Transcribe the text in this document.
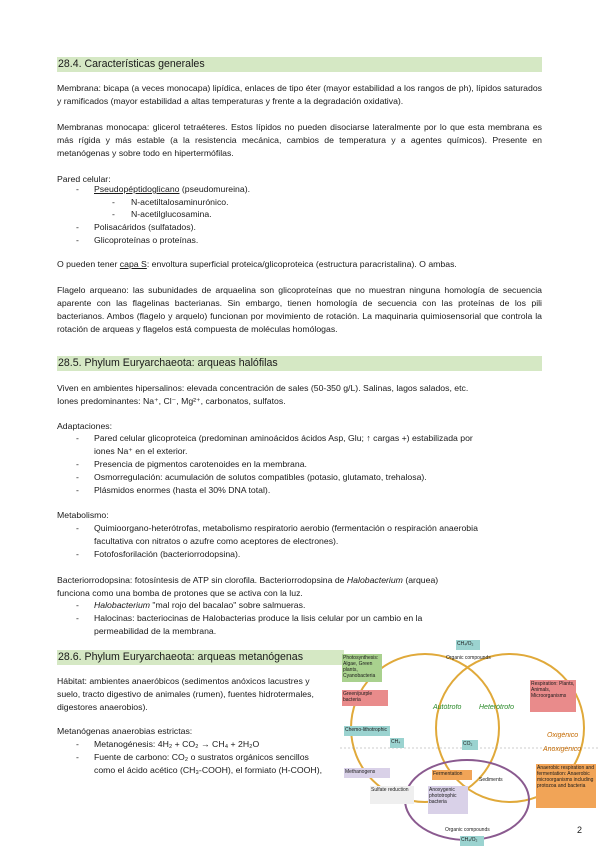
28.4. Características generales
Membrana: bicapa (a veces monocapa) lipídica, enlaces de tipo éter (mayor estabilidad a los rangos de ph), lípidos saturados y ramificados (mayor estabilidad a altas temperaturas y frente a la degradación oxidativa).
Membranas monocapa: glicerol tetraéteres. Estos lípidos no pueden disociarse lateralmente por lo que esta membrana es más rígida y más estable (a la resistencia mecánica, cambios de temperatura y a agentes químicos). Presente en metanógenas y sobre todo en hipertermófilas.
Pared celular:
- Pseudopéptidoglicano (pseudomureina).
- N-acetiltalosaminurónico.
- N-acetilglucosamina.
- Polisacáridos (sulfatados).
- Glicoproteínas o proteínas.
O pueden tener capa S: envoltura superficial proteica/glicoproteica (estructura paracristalina). O ambas.
Flagelo arqueano: las subunidades de arquaelina son glicoproteínas que no muestran ninguna homología de secuencia aparente con las flagelinas bacterianas. Sin embargo, tienen homología de secuencia con las proteínas de los pili bacterianos. Ambos (flagelo y arquelo) funcionan por movimiento de rotación. La maquinaria quimiosensorial que controla la rotación de arqueas y flagelos está compuesta de moléculas homólogas.
28.5. Phylum Euryarchaeota: arqueas halófilas
Viven en ambientes hipersalinos: elevada concentración de sales (50-350 g/L). Salinas, lagos salados, etc.
Iones predominantes: Na⁺, Cl⁻, Mg²⁺, carbonatos, sulfatos.
Adaptaciones:
- Pared celular glicoproteica (predominan aminoácidos ácidos Asp, Glu; ↑ cargas +) estabilizada por
iones Na⁺ en el exterior.
- Presencia de pigmentos carotenoides en la membrana.
- Osmorregulación: acumulación de solutos compatibles (potasio, glutamato, trehalosa).
- Plásmidos enormes (hasta el 30% DNA total).
Metabolismo:
- Quimioorgano-heterótrofas, metabolismo respiratorio aerobio (fermentación o respiración anaerobia
facultativa con nitratos o azufre como aceptores de electrones).
- Fotofosforilación (bacteriorrodopsina).
Bacteriorrodopsina: fotosíntesis de ATP sin clorofila. Bacteriorrodopsina de Halobacterium (arquea)
funciona como una bomba de protones que se activa con la luz.
- Halobacterium "mal rojo del bacalao" sobre salmueras.
- Halocinas: bacteriocinas de Halobacterias produce la lisis celular por un cambio en la
permeabilidad de la membrana.
28.6. Phylum Euryarchaeota: arqueas metanógenas
Hábitat: ambientes anaeróbicos (sedimentos anóxicos lacustres y
suelo, tracto digestivo de animales (rumen), fuentes hidrotermales,
digestores anaerobios).
Metanógenas anaerobias estrictas:
- Metanogénesis: 4H₂ + CO₂ → CH₄ + 2H₂O
- Fuente de carbono: CO₂ o sustratos orgánicos sencillos
como el ácido acético (CH₃-COOH), el formiato (H-COOH),
CH₄/O₂
Organic compounds
Photosynthesis: Algae, Green plants, Cyanobacteria
Green/purple bacteria
Autótrofo	Heterótrofo
Respiration: Plants, Animals, Microorganisms
CO₂
Chemo-lithotrophic
CH₄
Oxigénico
Anoxigénico
Methanogens	Fermentation
Anoxygenic phototrophic bacteria
Sediments
Anaerobic respiration and fermentation: Anaerobic microorganisms including protozoa and bacteria
Sulfate reduction
Organic compounds
CH₄/O₂
2
